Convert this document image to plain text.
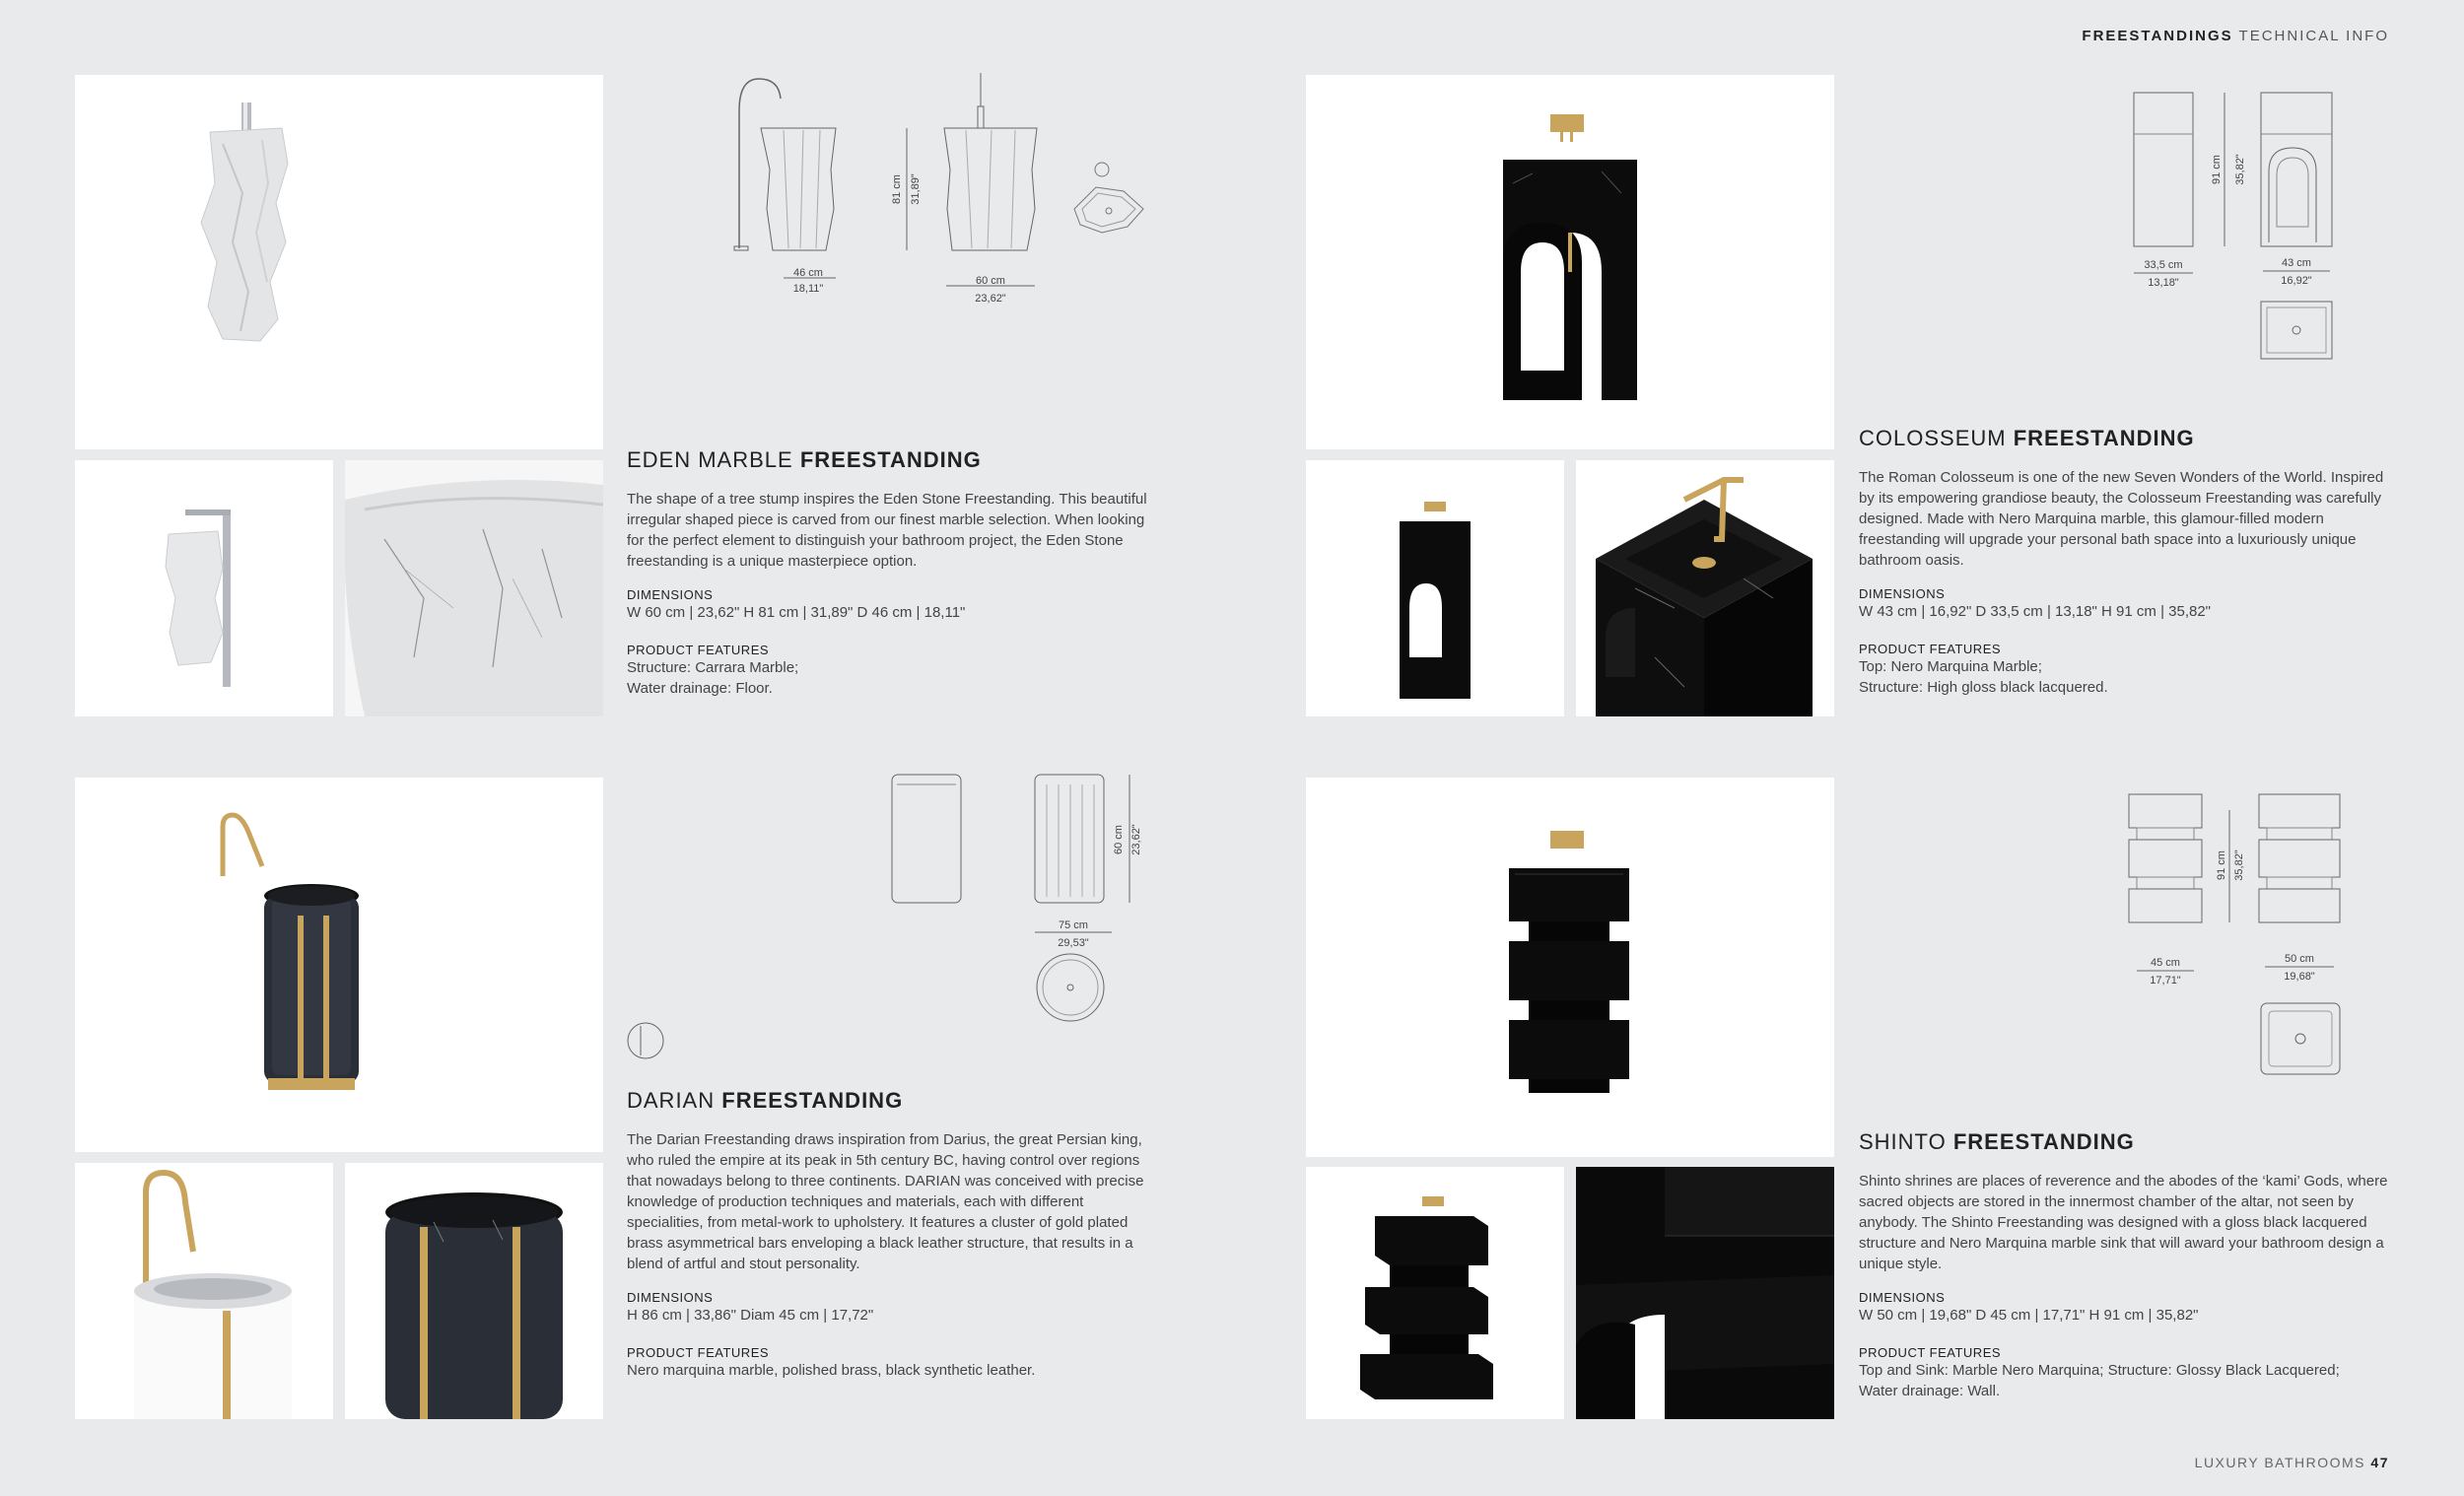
FREESTANDINGS TECHNICAL INFO
LUXURY BATHROOMS 47
46 cm
18,11"
81 cm 31,89"
60 cm
23,62"
EDEN MARBLE FREESTANDING
The shape of a tree stump inspires the Eden Stone Freestanding. This beautiful irregular shaped piece is carved from our finest marble selection. When looking for the perfect element to distinguish your bathroom project, the Eden Stone freestanding is a unique masterpiece option.
DIMENSIONS
W 60 cm | 23,62" H 81 cm | 31,89" D 46 cm | 18,11"
PRODUCT FEATURES
Structure: Carrara Marble;
Water drainage: Floor.
60 cm 23,62"
75 cm
29,53"
DARIAN FREESTANDING
The Darian Freestanding draws inspiration from Darius, the great Persian king, who ruled the empire at its peak in 5th century BC, having control over regions that nowadays belong to three continents. DARIAN was conceived with precise knowledge of production techniques and materials, each with different specialities, from metal-work to upholstery. It features a cluster of gold plated brass asymmetrical bars enveloping a black leather structure, that results in a blend of artful and stout personality.
DIMENSIONS
H 86 cm | 33,86" Diam 45 cm | 17,72"
PRODUCT FEATURES
Nero marquina marble, polished brass, black synthetic leather.
91 cm 35,82"
33,5 cm
13,18"
43 cm
16,92"
COLOSSEUM FREESTANDING
The Roman Colosseum is one of the new Seven Wonders of the World. Inspired by its empowering grandiose beauty, the Colosseum Freestanding was carefully designed. Made with Nero Marquina marble, this glamour-filled modern freestanding will upgrade your personal bath space into a luxuriously unique bathroom oasis.
DIMENSIONS
W 43 cm | 16,92" D 33,5 cm | 13,18" H 91 cm | 35,82"
PRODUCT FEATURES
Top: Nero Marquina Marble;
Structure: High gloss black lacquered.
91 cm 35,82"
45 cm
17,71"
50 cm
19,68"
SHINTO FREESTANDING
Shinto shrines are places of reverence and the abodes of the ‘kami’ Gods, where sacred objects are stored in the innermost chamber of the altar, not seen by anybody. The Shinto Freestanding was designed with a gloss black lacquered structure and Nero Marquina marble sink that will award your bathroom design a unique style.
DIMENSIONS
W 50 cm | 19,68" D 45 cm | 17,71" H 91 cm | 35,82"
PRODUCT FEATURES
Top and Sink: Marble Nero Marquina; Structure: Glossy Black Lacquered;
Water drainage: Wall.
